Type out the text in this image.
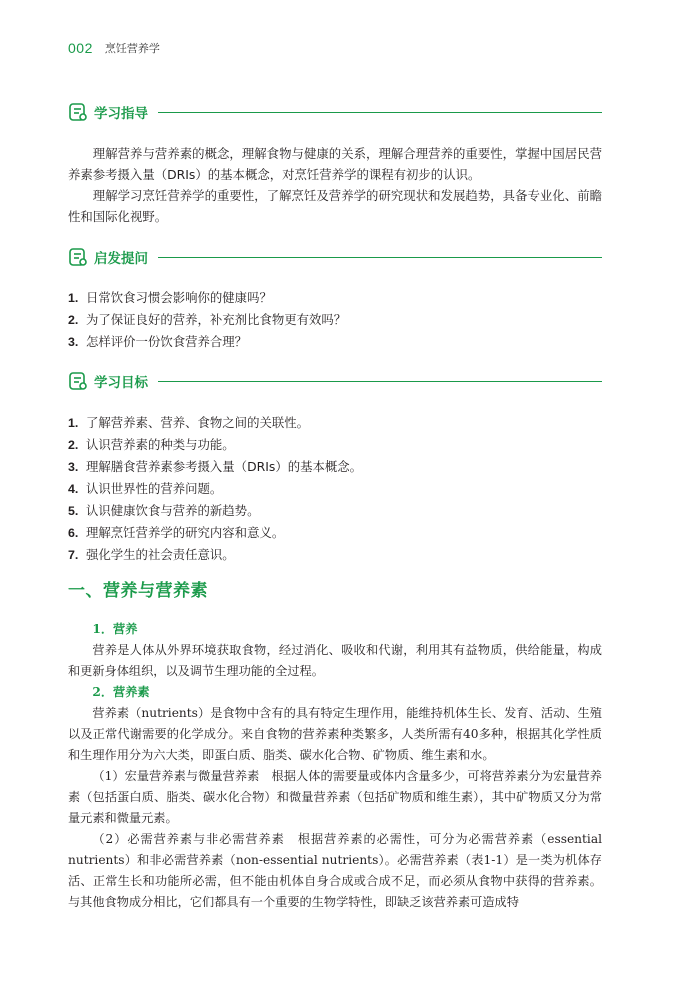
002 烹饪营养学
学习指导

理解营养与营养素的概念，理解食物与健康的关系，理解合理营养的重要性，掌握中国居民营养素参考摄入量（DRIs）的基本概念，对烹饪营养学的课程有初步的认识。

理解学习烹饪营养学的重要性，了解烹饪及营养学的研究现状和发展趋势，具备专业化、前瞻性和国际化视野。

启发提问
1. 日常饮食习惯会影响你的健康吗？
2. 为了保证良好的营养，补充剂比食物更有效吗？
3. 怎样评价一份饮食营养合理？
学习目标
1. 了解营养素、营养、食物之间的关联性。
2. 认识营养素的种类与功能。
3. 理解膳食营养素参考摄入量（DRIs）的基本概念。
4. 认识世界性的营养问题。
5. 认识健康饮食与营养的新趋势。
6. 理解烹饪营养学的研究内容和意义。
7. 强化学生的社会责任意识。
一、营养与营养素

1．营养

营养是人体从外界环境获取食物，经过消化、吸收和代谢，利用其有益物质，供给能量，构成和更新身体组织，以及调节生理功能的全过程。

2．营养素

营养素（nutrients）是食物中含有的具有特定生理作用，能维持机体生长、发育、活动、生殖以及正常代谢需要的化学成分。来自食物的营养素种类繁多，人类所需有40多种，根据其化学性质和生理作用分为六大类，即蛋白质、脂类、碳水化合物、矿物质、维生素和水。

（1）宏量营养素与微量营养素　根据人体的需要量或体内含量多少，可将营养素分为宏量营养素（包括蛋白质、脂类、碳水化合物）和微量营养素（包括矿物质和维生素），其中矿物质又分为常量元素和微量元素。

（2）必需营养素与非必需营养素　根据营养素的必需性，可分为必需营养素（essential nutrients）和非必需营养素（non-essential nutrients）。必需营养素（表1-1）是一类为机体存活、正常生长和功能所必需，但不能由机体自身合成或合成不足，而必须从食物中获得的营养素。与其他食物成分相比，它们都具有一个重要的生物学特性，即缺乏该营养素可造成特
